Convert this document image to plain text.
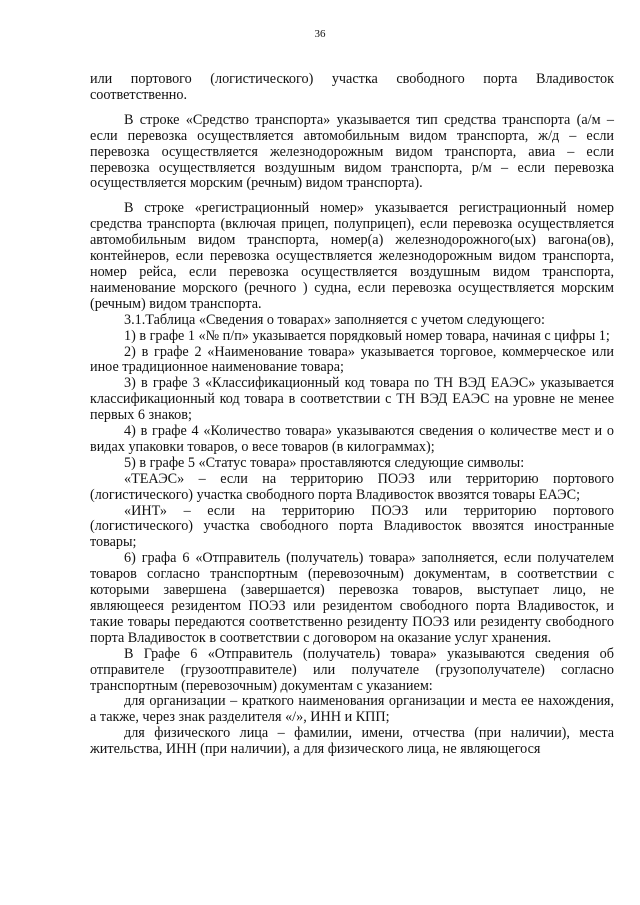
36

или портового (логистического) участка свободного порта Владивосток соответственно.

В строке «Средство транспорта» указывается тип средства транспорта (а/м – если перевозка осуществляется автомобильным видом транспорта, ж/д – если перевозка осуществляется железнодорожным видом транспорта, авиа – если перевозка осуществляется воздушным видом транспорта, р/м – если перевозка осуществляется морским (речным) видом транспорта).

В строке «регистрационный номер» указывается регистрационный номер средства транспорта (включая прицеп, полуприцеп), если перевозка осуществляется автомобильным видом транспорта, номер(а) железнодорожного(ых) вагона(ов), контейнеров, если перевозка осуществляется железнодорожным видом транспорта, номер рейса, если перевозка осуществляется воздушным видом транспорта, наименование морского (речного ) судна, если перевозка осуществляется морским (речным) видом транспорта.

3.1.Таблица «Сведения о товарах» заполняется с учетом следующего:

1) в графе 1 «№ п/п» указывается порядковый номер товара, начиная с цифры 1;

2) в графе 2 «Наименование товара» указывается торговое, коммерческое или иное традиционное наименование товара;

3) в графе 3 «Классификационный код товара по ТН ВЭД ЕАЭС» указывается классификационный код товара в соответствии с ТН ВЭД ЕАЭС на уровне не менее первых 6 знаков;

4) в графе 4 «Количество товара» указываются сведения о количестве мест и о видах упаковки товаров, о весе товаров (в килограммах);

5) в графе 5 «Статус товара» проставляются следующие символы:

«ТЕАЭС» – если на территорию ПОЭЗ или территорию портового (логистического) участка свободного порта Владивосток ввозятся товары ЕАЭС;

«ИНТ» – если на территорию ПОЭЗ или территорию портового (логистического) участка свободного порта Владивосток ввозятся иностранные товары;

6) графа 6 «Отправитель (получатель) товара» заполняется, если получателем товаров согласно транспортным (перевозочным) документам, в соответствии с которыми завершена (завершается) перевозка товаров, выступает лицо, не являющееся резидентом ПОЭЗ или резидентом свободного порта Владивосток, и такие товары передаются соответственно резиденту ПОЭЗ или резиденту свободного порта Владивосток в соответствии с договором на оказание услуг хранения.

В Графе 6 «Отправитель (получатель) товара» указываются сведения об отправителе (грузоотправителе) или получателе (грузополучателе) согласно транспортным (перевозочным) документам с указанием:

для организации – краткого наименования организации и места ее нахождения, а также, через знак разделителя «/», ИНН и КПП;

для физического лица – фамилии, имени, отчества (при наличии), места жительства, ИНН (при наличии), а для физического лица, не являющегося
